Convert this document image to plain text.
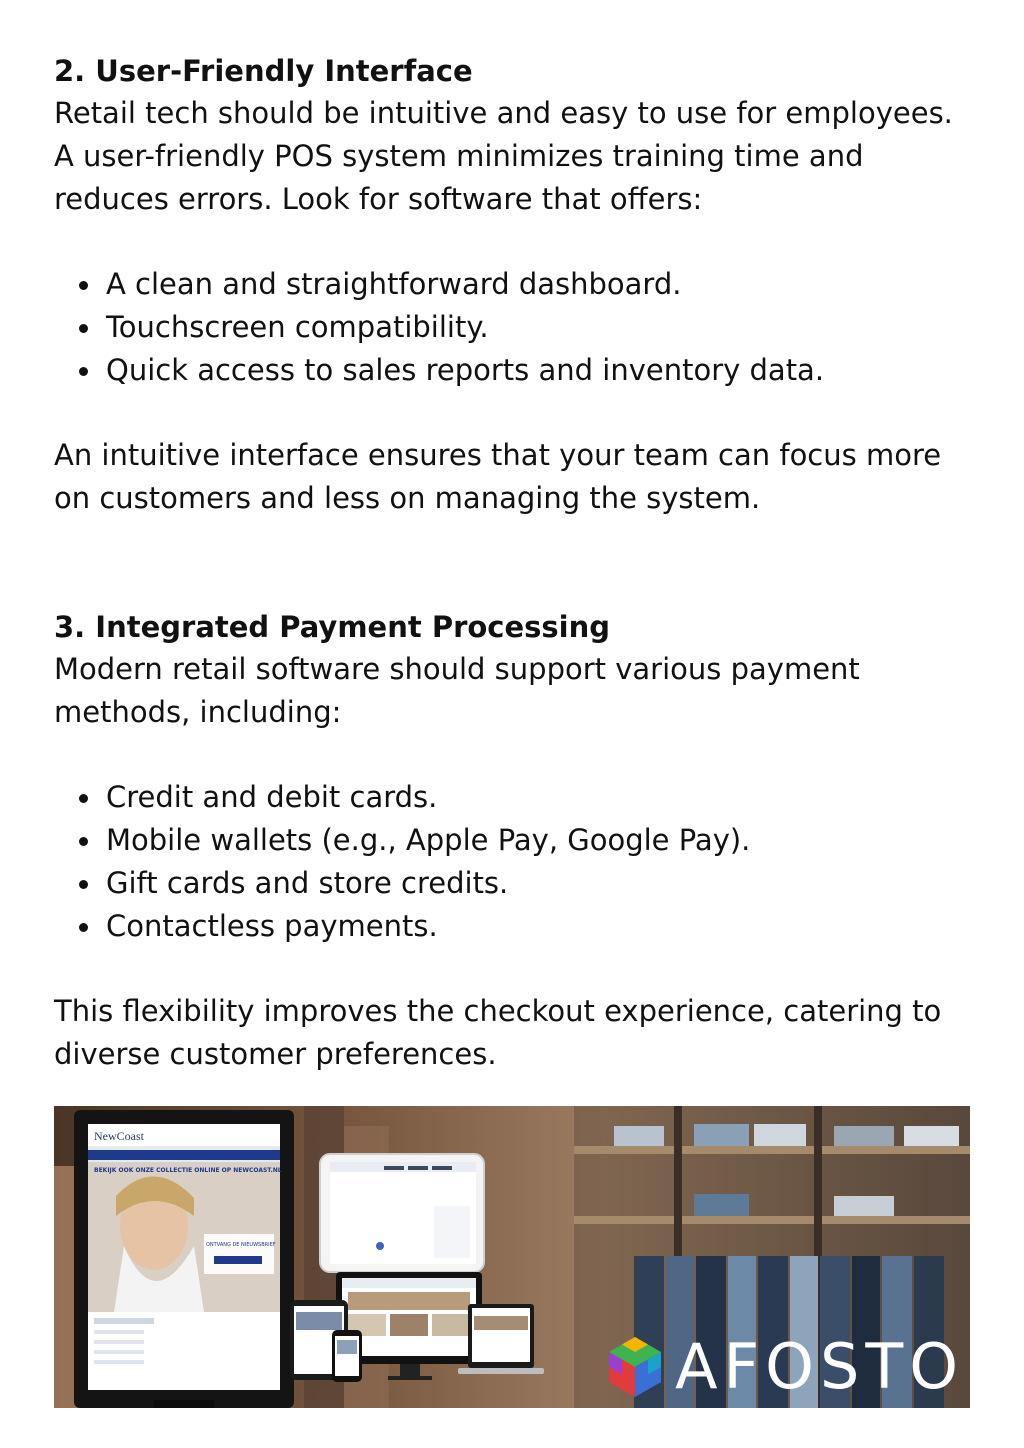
2. User-Friendly Interface

Retail tech should be intuitive and easy to use for employees. A user-friendly POS system minimizes training time and reduces errors. Look for software that offers:

A clean and straightforward dashboard.
Touchscreen compatibility.
Quick access to sales reports and inventory data.

An intuitive interface ensures that your team can focus more on customers and less on managing the system.

3. Integrated Payment Processing

Modern retail software should support various payment methods, including:

Credit and debit cards.
Mobile wallets (e.g., Apple Pay, Google Pay).
Gift cards and store credits.
Contactless payments.

This flexibility improves the checkout experience, catering to diverse customer preferences.

NewCoast
BEKIJK OOK ONZE COLLECTIE ONLINE OP NEWCOAST.NL
ONTVANG DE NIEUWSBRIEF
AFOSTO
